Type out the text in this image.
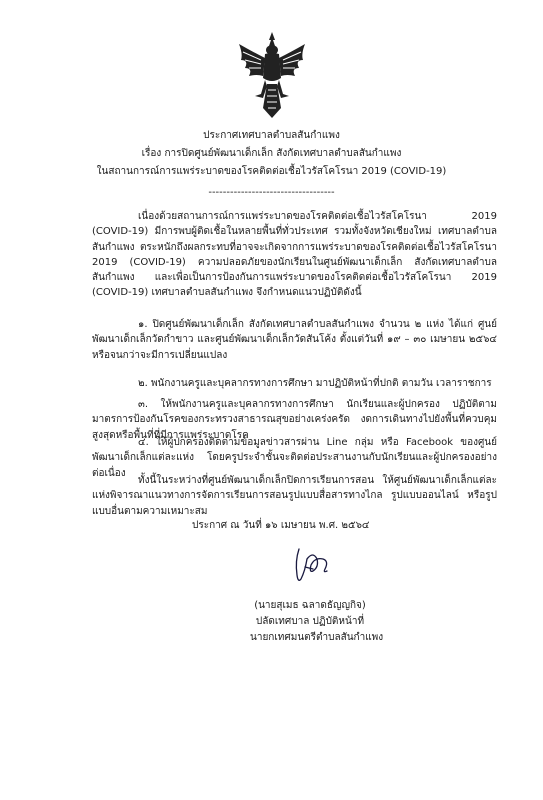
ประกาศเทศบาลตำบลสันกำแพง
เรื่อง การปิดศูนย์พัฒนาเด็กเล็ก สังกัดเทศบาลตำบลสันกำแพง
ในสถานการณ์การแพร่ระบาดของโรคติดต่อเชื้อไวรัสโคโรนา 2019 (COVID-19)
-----------------------------------
เนื่องด้วยสถานการณ์การแพร่ระบาดของโรคติดต่อเชื้อไวรัสโคโรนา 2019 (COVID-19) มีการพบผู้ติดเชื้อในหลายพื้นที่ทั่วประเทศ รวมทั้งจังหวัดเชียงใหม่ เทศบาลตำบลสันกำแพง ตระหนักถึงผลกระทบที่อาจจะเกิดจากการแพร่ระบาดของโรคติดต่อเชื้อไวรัสโคโรนา 2019 (COVID-19) ความปลอดภัยของนักเรียนในศูนย์พัฒนาเด็กเล็ก สังกัดเทศบาลตำบลสันกำแพง และเพื่อเป็นการป้องกันการแพร่ระบาดของโรคติดต่อเชื้อไวรัสโคโรนา 2019 (COVID-19) เทศบาลตำบลสันกำแพง จึงกำหนดแนวปฏิบัติดังนี้
๑. ปิดศูนย์พัฒนาเด็กเล็ก สังกัดเทศบาลตำบลสันกำแพง จำนวน ๒ แห่ง ได้แก่ ศูนย์พัฒนาเด็กเล็กวัดกำขาว และศูนย์พัฒนาเด็กเล็กวัดสันโค้ง ตั้งแต่วันที่ ๑๙ – ๓๐ เมษายน ๒๕๖๔ หรือจนกว่าจะมีการเปลี่ยนแปลง
๒. พนักงานครูและบุคลากรทางการศึกษา มาปฏิบัติหน้าที่ปกติ ตามวัน เวลาราชการ
๓. ให้พนักงานครูและบุคลากรทางการศึกษา นักเรียนและผู้ปกครอง ปฏิบัติตามมาตรการป้องกันโรคของกระทรวงสาธารณสุขอย่างเคร่งครัด งดการเดินทางไปยังพื้นที่ควบคุมสูงสุดหรือพื้นที่ที่มีการแพร่ระบาดโรค
๔. ให้ผู้ปกครองติดตามข้อมูลข่าวสารผ่าน Line กลุ่ม หรือ Facebook ของศูนย์พัฒนาเด็กเล็กแต่ละแห่ง โดยครูประจำชั้นจะติดต่อประสานงานกับนักเรียนและผู้ปกครองอย่างต่อเนื่อง
ทั้งนี้ในระหว่างที่ศูนย์พัฒนาเด็กเล็กปิดการเรียนการสอน ให้ศูนย์พัฒนาเด็กเล็กแต่ละแห่งพิจารณาแนวทางการจัดการเรียนการสอนรูปแบบสื่อสารทางไกล รูปแบบออนไลน์ หรือรูปแบบอื่นตามความเหมาะสม
ประกาศ ณ วันที่ ๑๖ เมษายน พ.ศ. ๒๕๖๔
(นายสุเมธ ฉลาดธัญญกิจ)
ปลัดเทศบาล ปฏิบัติหน้าที่
นายกเทศมนตรีตำบลสันกำแพง
